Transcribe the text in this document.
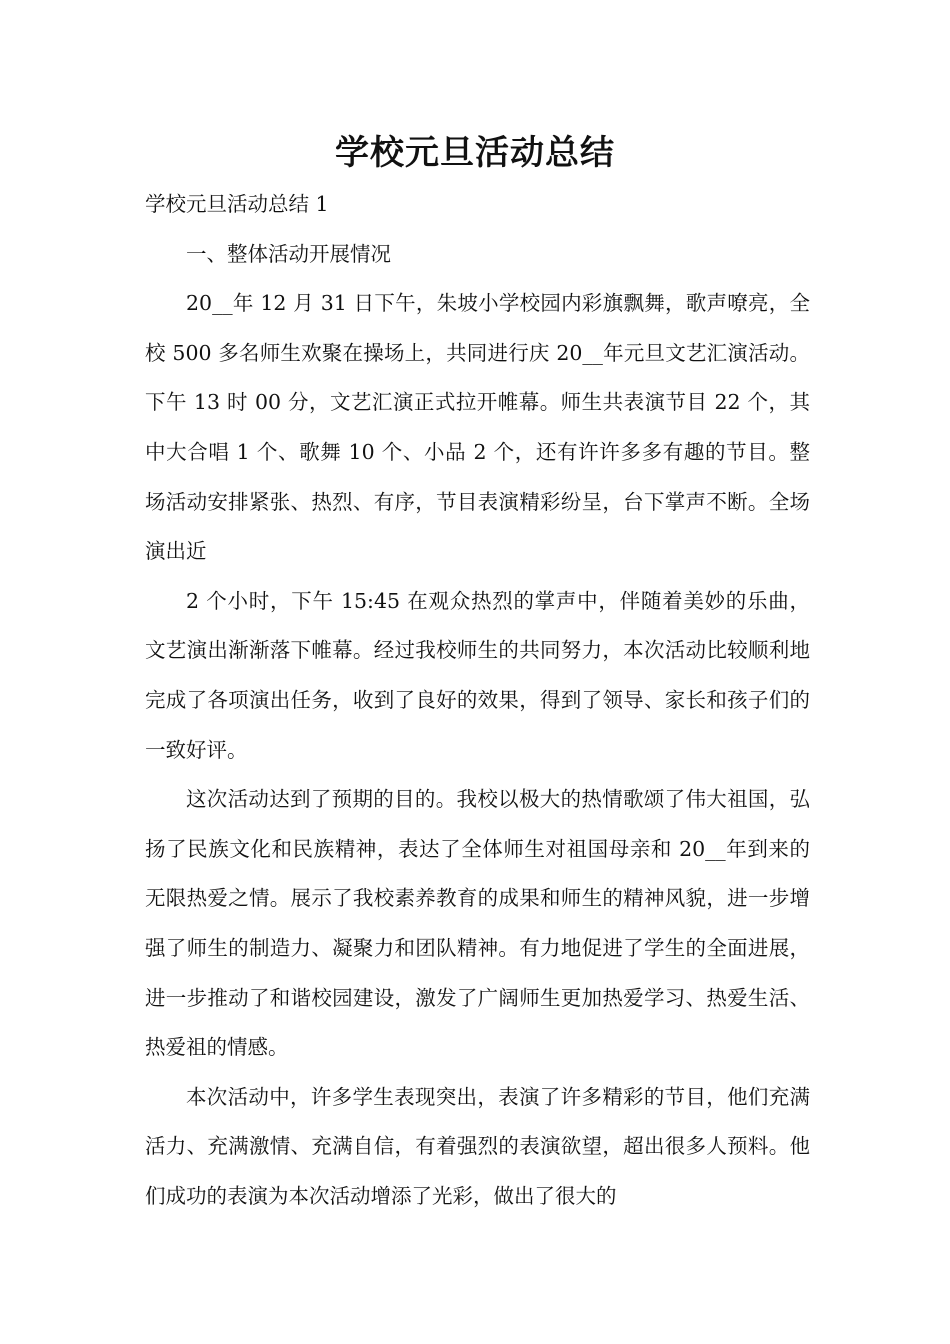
学校元旦活动总结

学校元旦活动总结 1

一、整体活动开展情况

20__年 12 月 31 日下午，朱坡小学校园内彩旗飘舞，歌声嘹亮，全校 500 多名师生欢聚在操场上，共同进行庆 20__年元旦文艺汇演活动。下午 13 时 00 分，文艺汇演正式拉开帷幕。师生共表演节目 22 个，其中大合唱 1 个、歌舞 10 个、小品 2 个，还有许许多多有趣的节目。整场活动安排紧张、热烈、有序，节目表演精彩纷呈，台下掌声不断。全场演出近

2 个小时，下午 15:45 在观众热烈的掌声中，伴随着美妙的乐曲，文艺演出渐渐落下帷幕。经过我校师生的共同努力，本次活动比较顺利地完成了各项演出任务，收到了良好的效果，得到了领导、家长和孩子们的一致好评。

这次活动达到了预期的目的。我校以极大的热情歌颂了伟大祖国，弘扬了民族文化和民族精神，表达了全体师生对祖国母亲和 20__年到来的无限热爱之情。展示了我校素养教育的成果和师生的精神风貌，进一步增强了师生的制造力、凝聚力和团队精神。有力地促进了学生的全面进展，进一步推动了和谐校园建设，激发了广阔师生更加热爱学习、热爱生活、热爱祖的情感。

本次活动中，许多学生表现突出，表演了许多精彩的节目，他们充满活力、充满激情、充满自信，有着强烈的表演欲望，超出很多人预料。他们成功的表演为本次活动增添了光彩，做出了很大的
